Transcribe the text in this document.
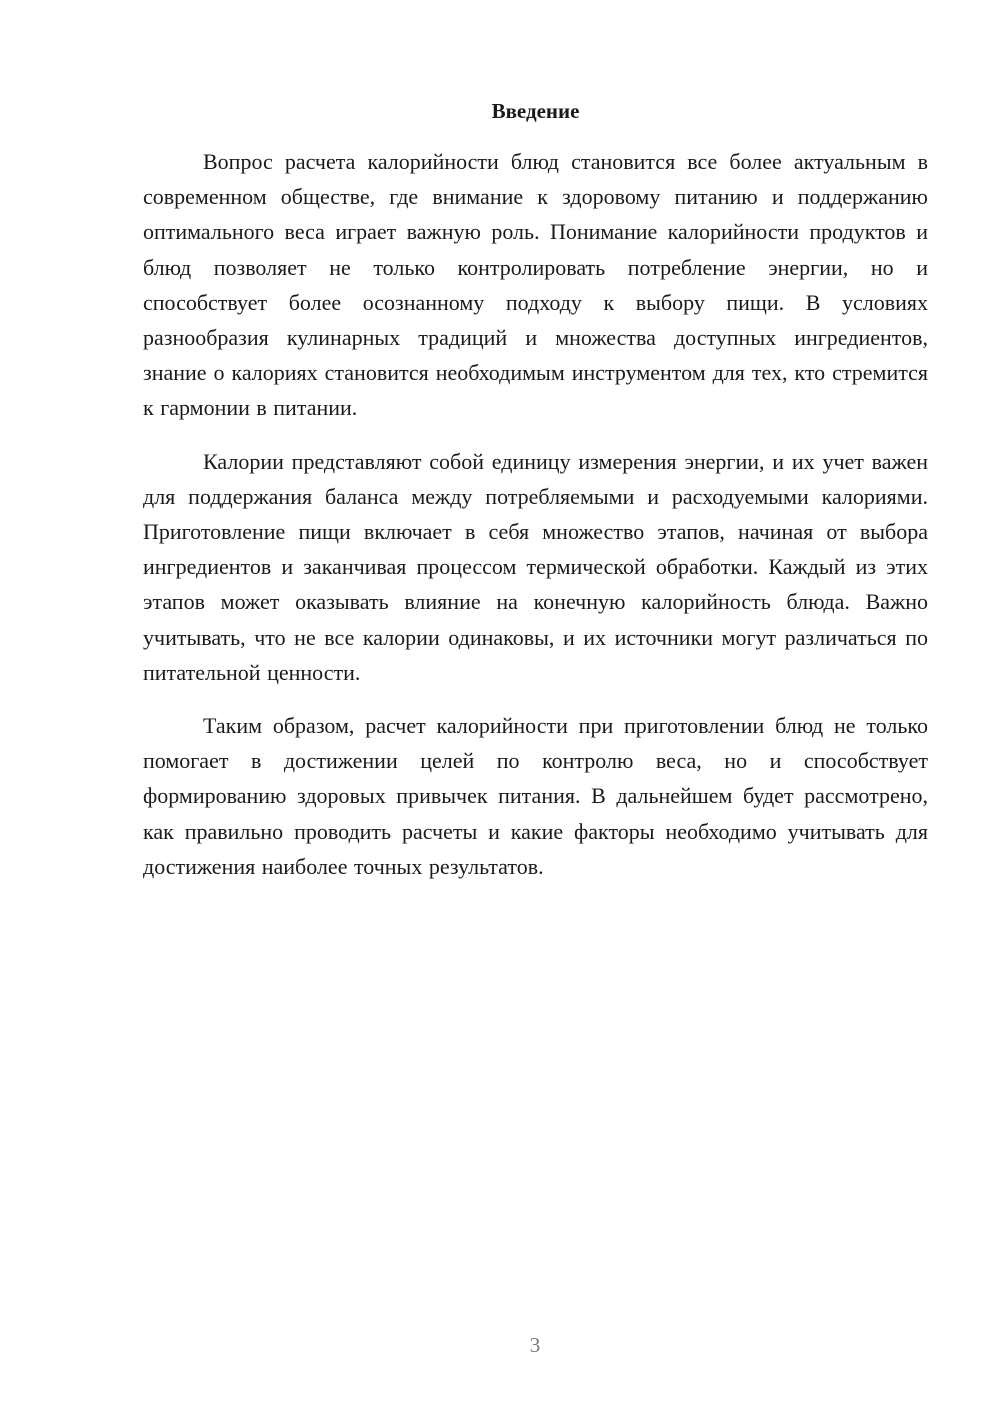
Введение

Вопрос расчета калорийности блюд становится все более актуальным в современном обществе, где внимание к здоровому питанию и поддержанию оптимального веса играет важную роль. Понимание калорийности продуктов и блюд позволяет не только контролировать потребление энергии, но и способствует более осознанному подходу к выбору пищи. В условиях разнообразия кулинарных традиций и множества доступных ингредиентов, знание о калориях становится необходимым инструментом для тех, кто стремится к гармонии в питании.

Калории представляют собой единицу измерения энергии, и их учет важен для поддержания баланса между потребляемыми и расходуемыми калориями. Приготовление пищи включает в себя множество этапов, начиная от выбора ингредиентов и заканчивая процессом термической обработки. Каждый из этих этапов может оказывать влияние на конечную калорийность блюда. Важно учитывать, что не все калории одинаковы, и их источники могут различаться по питательной ценности.

Таким образом, расчет калорийности при приготовлении блюд не только помогает в достижении целей по контролю веса, но и способствует формированию здоровых привычек питания. В дальнейшем будет рассмотрено, как правильно проводить расчеты и какие факторы необходимо учитывать для достижения наиболее точных результатов.

3
